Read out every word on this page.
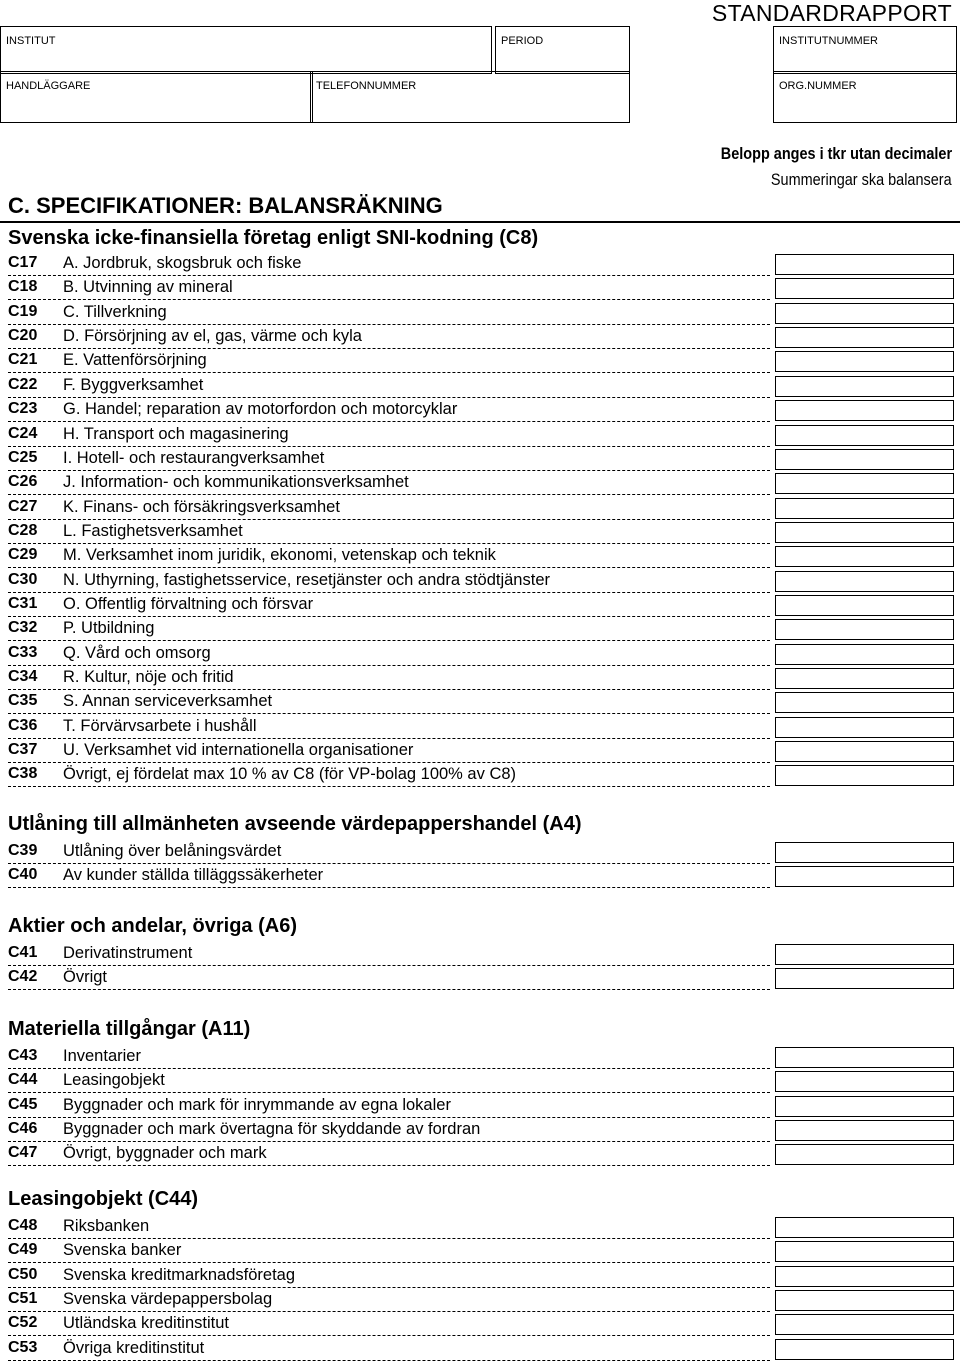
STANDARDRAPPORT
INSTITUT	PERIOD	INSTITUTNUMMER
HANDLÄGGARE	TELEFONNUMMER	ORG.NUMMER
Belopp anges i tkr utan decimaler
Summeringar ska balansera
C. SPECIFIKATIONER: BALANSRÄKNING
Svenska icke-finansiella företag enligt SNI-kodning (C8)
C17 A. Jordbruk, skogsbruk och fiske
C18 B. Utvinning av mineral
C19 C. Tillverkning
C20 D. Försörjning av el, gas, värme och kyla
C21 E. Vattenförsörjning
C22 F. Byggverksamhet
C23 G. Handel; reparation av motorfordon och motorcyklar
C24 H. Transport och magasinering
C25 I. Hotell- och restaurangverksamhet
C26 J. Information- och kommunikationsverksamhet
C27 K. Finans- och försäkringsverksamhet
C28 L. Fastighetsverksamhet
C29 M. Verksamhet inom juridik, ekonomi, vetenskap och teknik
C30 N. Uthyrning, fastighetsservice, resetjänster och andra stödtjänster
C31 O. Offentlig förvaltning och försvar
C32 P. Utbildning
C33 Q. Vård och omsorg
C34 R. Kultur, nöje och fritid
C35 S. Annan serviceverksamhet
C36 T. Förvärvsarbete i hushåll
C37 U. Verksamhet vid internationella organisationer
C38 Övrigt, ej fördelat max 10 % av C8 (för VP-bolag 100% av C8)
Utlåning till allmänheten avseende värdepappershandel (A4)
C39 Utlåning över belåningsvärdet
C40 Av kunder ställda tilläggssäkerheter
Aktier och andelar, övriga (A6)
C41 Derivatinstrument
C42 Övrigt
Materiella tillgångar (A11)
C43 Inventarier
C44 Leasingobjekt
C45 Byggnader och mark för inrymmande av egna lokaler
C46 Byggnader och mark övertagna för skyddande av fordran
C47 Övrigt, byggnader och mark
Leasingobjekt (C44)
C48 Riksbanken
C49 Svenska banker
C50 Svenska kreditmarknadsföretag
C51 Svenska värdepappersbolag
C52 Utländska kreditinstitut
C53 Övriga kreditinstitut
